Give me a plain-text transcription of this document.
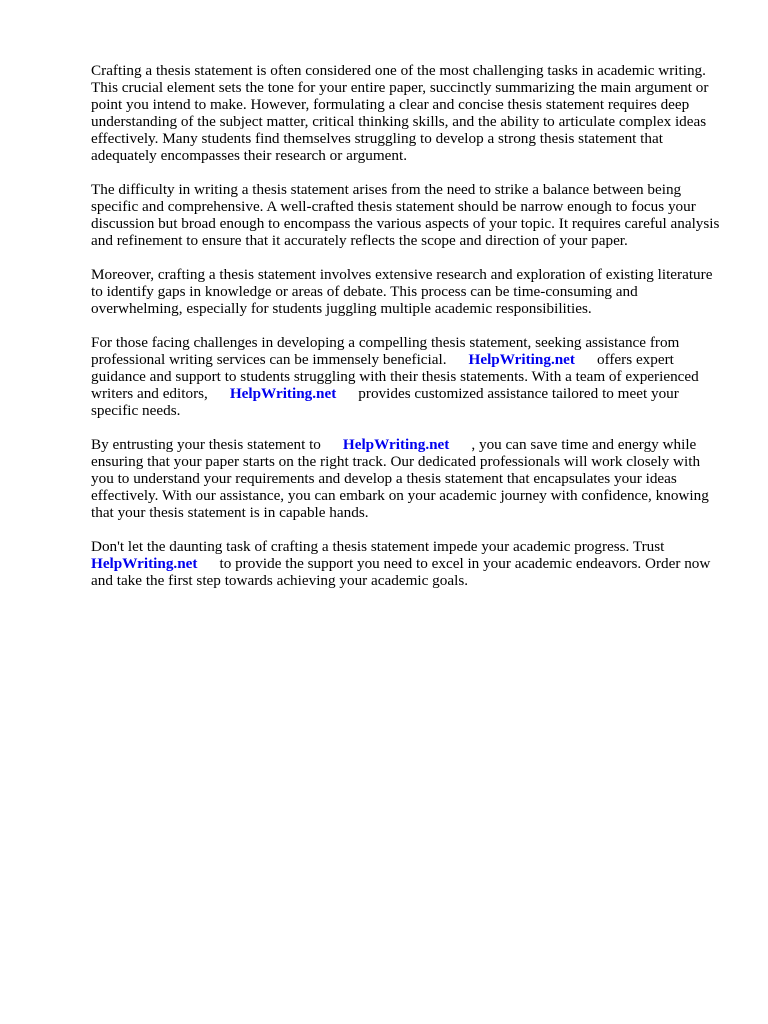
Crafting a thesis statement is often considered one of the most challenging tasks in academic writing. This crucial element sets the tone for your entire paper, succinctly summarizing the main argument or point you intend to make. However, formulating a clear and concise thesis statement requires deep understanding of the subject matter, critical thinking skills, and the ability to articulate complex ideas effectively. Many students find themselves struggling to develop a strong thesis statement that adequately encompasses their research or argument.

The difficulty in writing a thesis statement arises from the need to strike a balance between being specific and comprehensive. A well-crafted thesis statement should be narrow enough to focus your discussion but broad enough to encompass the various aspects of your topic. It requires careful analysis and refinement to ensure that it accurately reflects the scope and direction of your paper.

Moreover, crafting a thesis statement involves extensive research and exploration of existing literature to identify gaps in knowledge or areas of debate. This process can be time-consuming and overwhelming, especially for students juggling multiple academic responsibilities.

For those facing challenges in developing a compelling thesis statement, seeking assistance from professional writing services can be immensely beneficial. HelpWriting.net offers expert guidance and support to students struggling with their thesis statements. With a team of experienced writers and editors, HelpWriting.net provides customized assistance tailored to meet your specific needs.

By entrusting your thesis statement to HelpWriting.net , you can save time and energy while ensuring that your paper starts on the right track. Our dedicated professionals will work closely with you to understand your requirements and develop a thesis statement that encapsulates your ideas effectively. With our assistance, you can embark on your academic journey with confidence, knowing that your thesis statement is in capable hands.

Don't let the daunting task of crafting a thesis statement impede your academic progress. Trust HelpWriting.net to provide the support you need to excel in your academic endeavors. Order now and take the first step towards achieving your academic goals.
